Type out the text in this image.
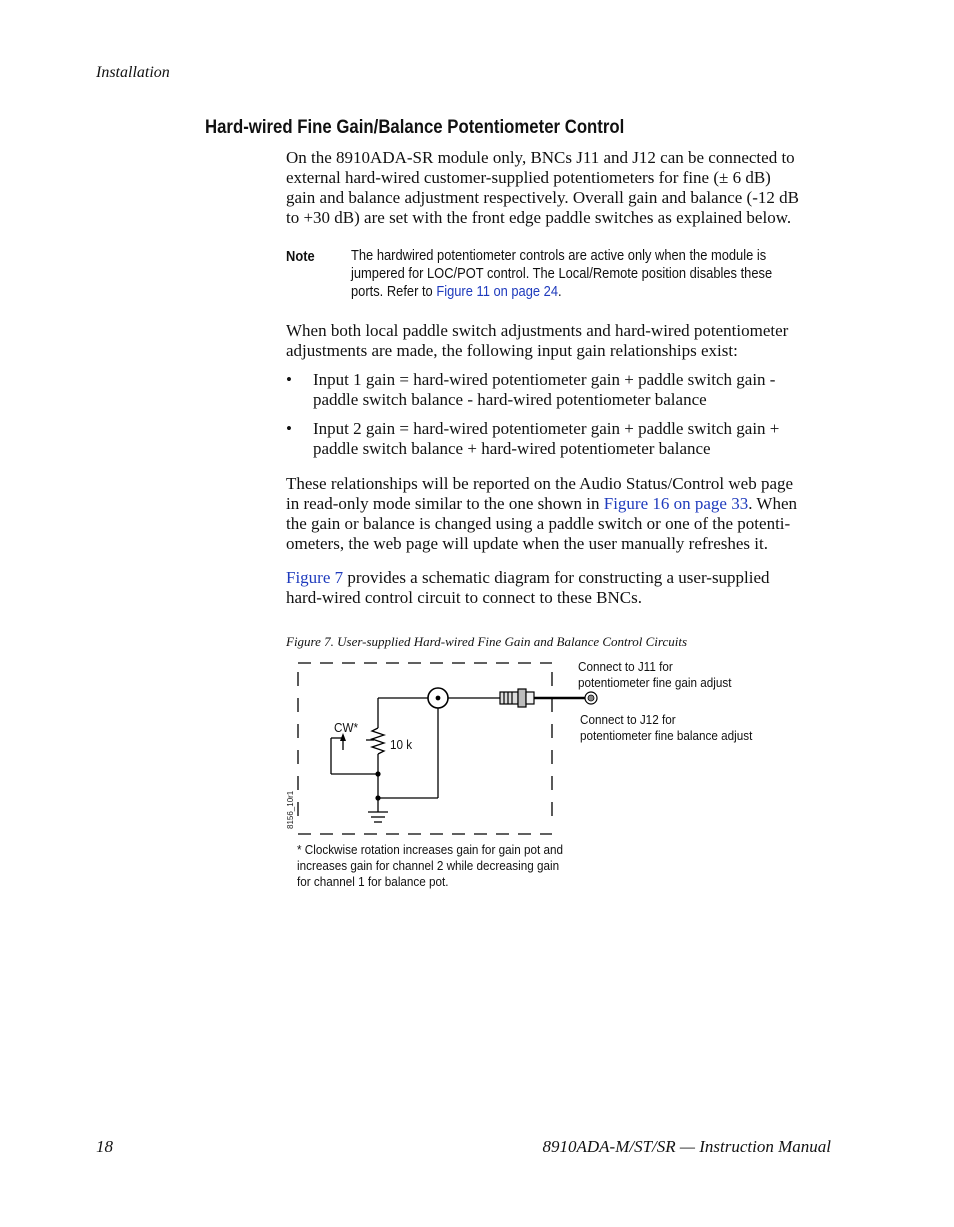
Installation
Hard-wired Fine Gain/Balance Potentiometer Control
On the 8910ADA-SR module only, BNCs J11 and J12 can be connected to
external hard-wired customer-supplied potentiometers for fine (± 6 dB)
gain and balance adjustment respectively. Overall gain and balance (-12 dB
to +30 dB) are set with the front edge paddle switches as explained below.
Note The hardwired potentiometer controls are active only when the module is

jumpered for LOC/POT control. The Local/Remote position disables these

ports. Refer to Figure 11 on page 24.

When both local paddle switch adjustments and hard-wired potentiometer
adjustments are made, the following input gain relationships exist:
• Input 1 gain = hard-wired potentiometer gain + paddle switch gain -
paddle switch balance - hard-wired potentiometer balance
• Input 2 gain = hard-wired potentiometer gain + paddle switch gain +
paddle switch balance + hard-wired potentiometer balance
These relationships will be reported on the Audio Status/Control web page
in read-only mode similar to the one shown in Figure 16 on page 33. When
the gain or balance is changed using a paddle switch or one of the potenti-
ometers, the web page will update when the user manually refreshes it.
Figure 7 provides a schematic diagram for constructing a user-supplied
hard-wired control circuit to connect to these BNCs.
Figure 7. User-supplied Hard-wired Fine Gain and Balance Control Circuits
8156_10r1
Connect to J11 for
potentiometer fine gain adjust
Connect to J12 for
potentiometer fine balance adjust
CW*
10 k
* Clockwise rotation increases gain for gain pot and
increases gain for channel 2 while decreasing gain
for channel 1 for balance pot.
18	8910ADA-M/ST/SR — Instruction Manual
